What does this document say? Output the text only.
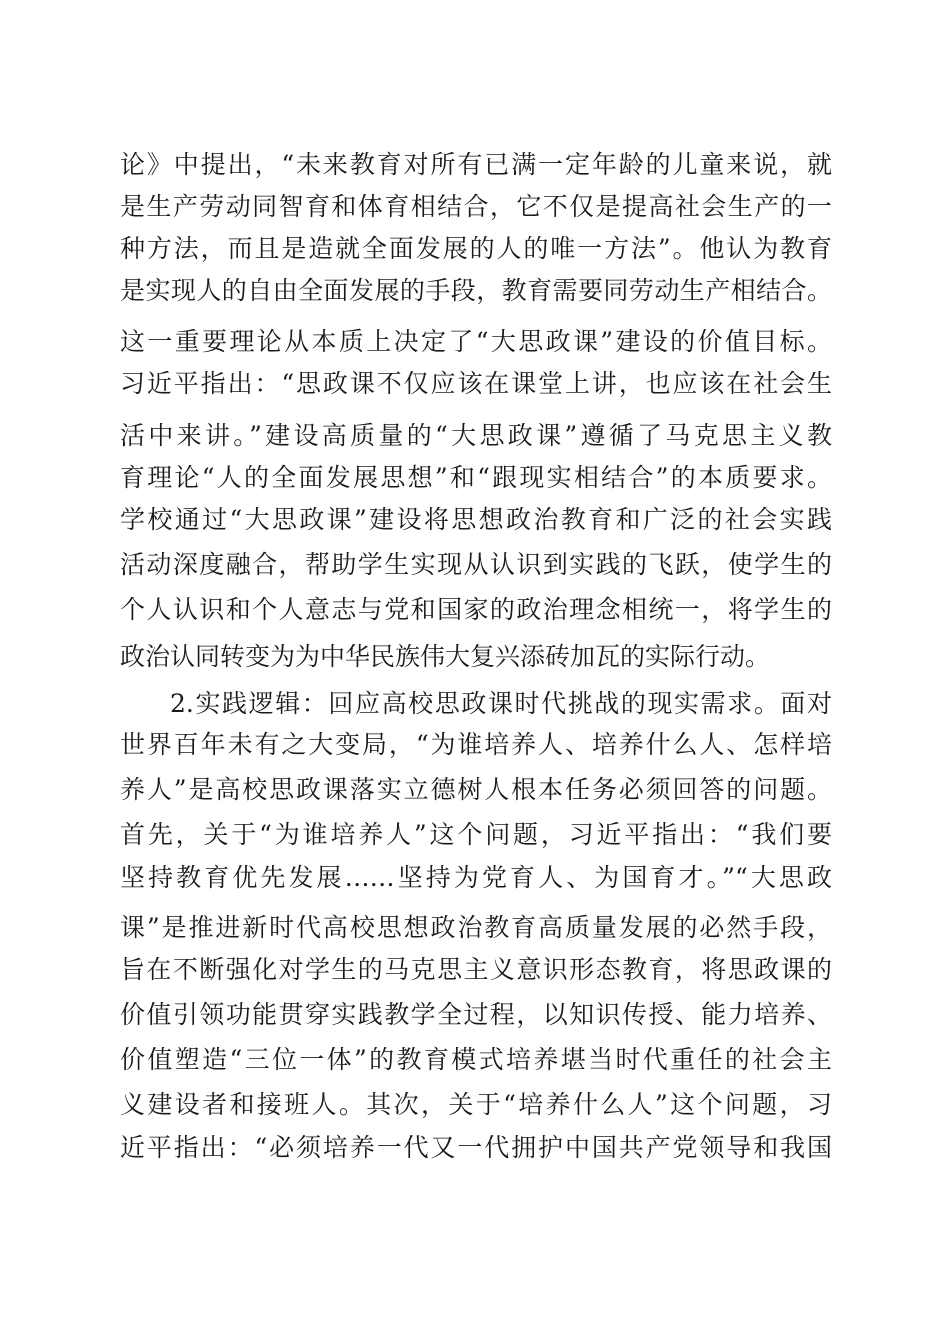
论》中提出，“未来教育对所有已满一定年龄的儿童来说，就
是生产劳动同智育和体育相结合，它不仅是提高社会生产的一
种方法，而且是造就全面发展的人的唯一方法”。他认为教育
是实现人的自由全面发展的手段，教育需要同劳动生产相结合。
这一重要理论从本质上决定了“大思政课”建设的价值目标。
习近平指出：“思政课不仅应该在课堂上讲，也应该在社会生
活中来讲。”建设高质量的“大思政课”遵循了马克思主义教
育理论“人的全面发展思想”和“跟现实相结合”的本质要求。
学校通过“大思政课”建设将思想政治教育和广泛的社会实践
活动深度融合，帮助学生实现从认识到实践的飞跃，使学生的
个人认识和个人意志与党和国家的政治理念相统一，将学生的
政治认同转变为为中华民族伟大复兴添砖加瓦的实际行动。
2.实践逻辑：回应高校思政课时代挑战的现实需求。面对
世界百年未有之大变局，“为谁培养人、培养什么人、怎样培
养人”是高校思政课落实立德树人根本任务必须回答的问题。
首先，关于“为谁培养人”这个问题，习近平指出：“我们要
坚持教育优先发展……坚持为党育人、为国育才。”“大思政
课”是推进新时代高校思想政治教育高质量发展的必然手段，
旨在不断强化对学生的马克思主义意识形态教育，将思政课的
价值引领功能贯穿实践教学全过程，以知识传授、能力培养、
价值塑造“三位一体”的教育模式培养堪当时代重任的社会主
义建设者和接班人。其次，关于“培养什么人”这个问题，习
近平指出：“必须培养一代又一代拥护中国共产党领导和我国
